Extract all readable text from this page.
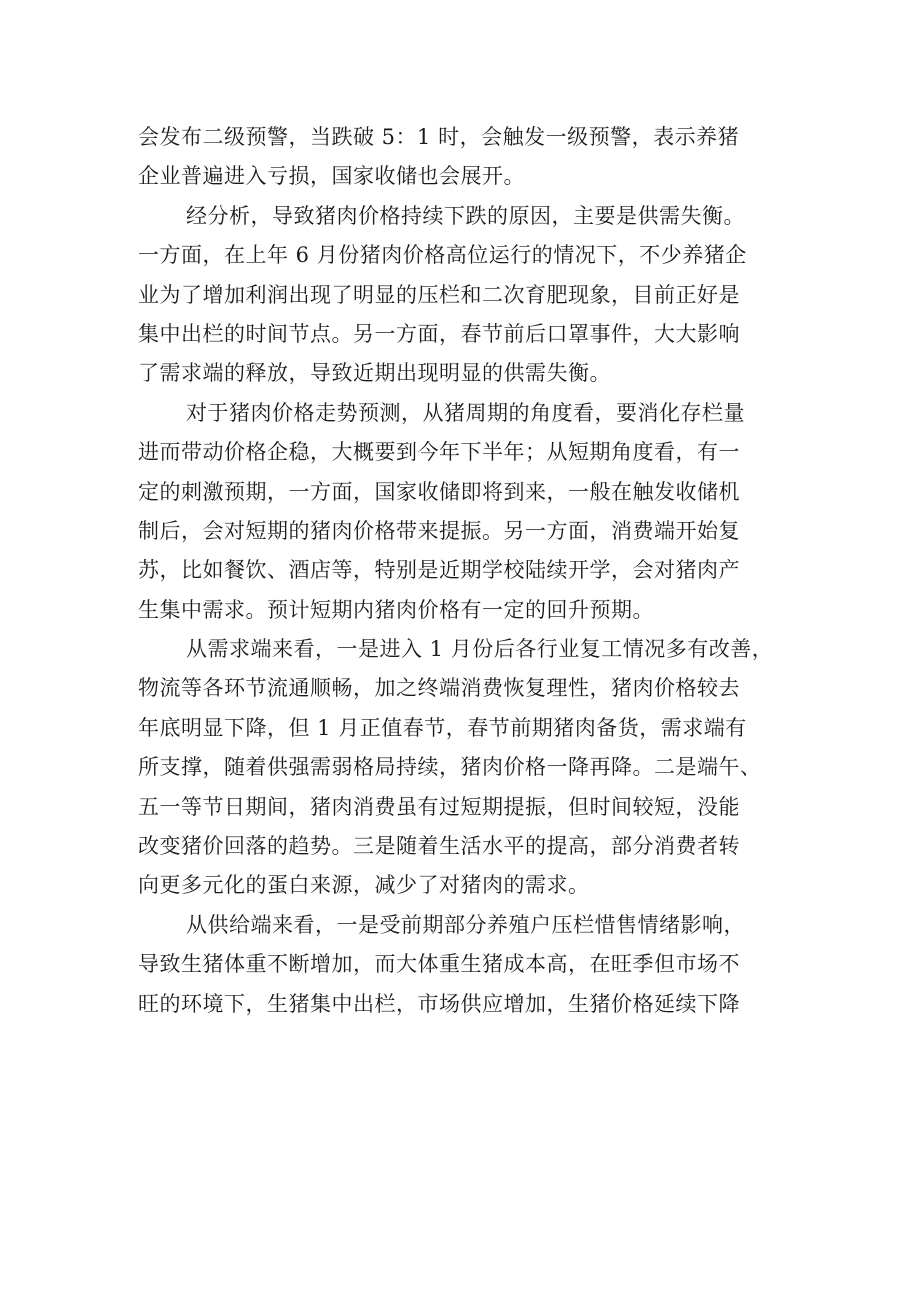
会发布二级预警，当跌破 5：1 时，会触发一级预警，表示养猪
企业普遍进入亏损，国家收储也会展开。
经分析，导致猪肉价格持续下跌的原因，主要是供需失衡。
一方面，在上年 6 月份猪肉价格高位运行的情况下，不少养猪企
业为了增加利润出现了明显的压栏和二次育肥现象，目前正好是
集中出栏的时间节点。另一方面，春节前后口罩事件，大大影响
了需求端的释放，导致近期出现明显的供需失衡。
对于猪肉价格走势预测，从猪周期的角度看，要消化存栏量
进而带动价格企稳，大概要到今年下半年；从短期角度看，有一
定的刺激预期，一方面，国家收储即将到来，一般在触发收储机
制后，会对短期的猪肉价格带来提振。另一方面，消费端开始复
苏，比如餐饮、酒店等，特别是近期学校陆续开学，会对猪肉产
生集中需求。预计短期内猪肉价格有一定的回升预期。
从需求端来看，一是进入 1 月份后各行业复工情况多有改善，
物流等各环节流通顺畅，加之终端消费恢复理性，猪肉价格较去
年底明显下降，但 1 月正值春节，春节前期猪肉备货，需求端有
所支撑，随着供强需弱格局持续，猪肉价格一降再降。二是端午、
五一等节日期间，猪肉消费虽有过短期提振，但时间较短，没能
改变猪价回落的趋势。三是随着生活水平的提高，部分消费者转
向更多元化的蛋白来源，减少了对猪肉的需求。
从供给端来看，一是受前期部分养殖户压栏惜售情绪影响，
导致生猪体重不断增加，而大体重生猪成本高，在旺季但市场不
旺的环境下，生猪集中出栏，市场供应增加，生猪价格延续下降
